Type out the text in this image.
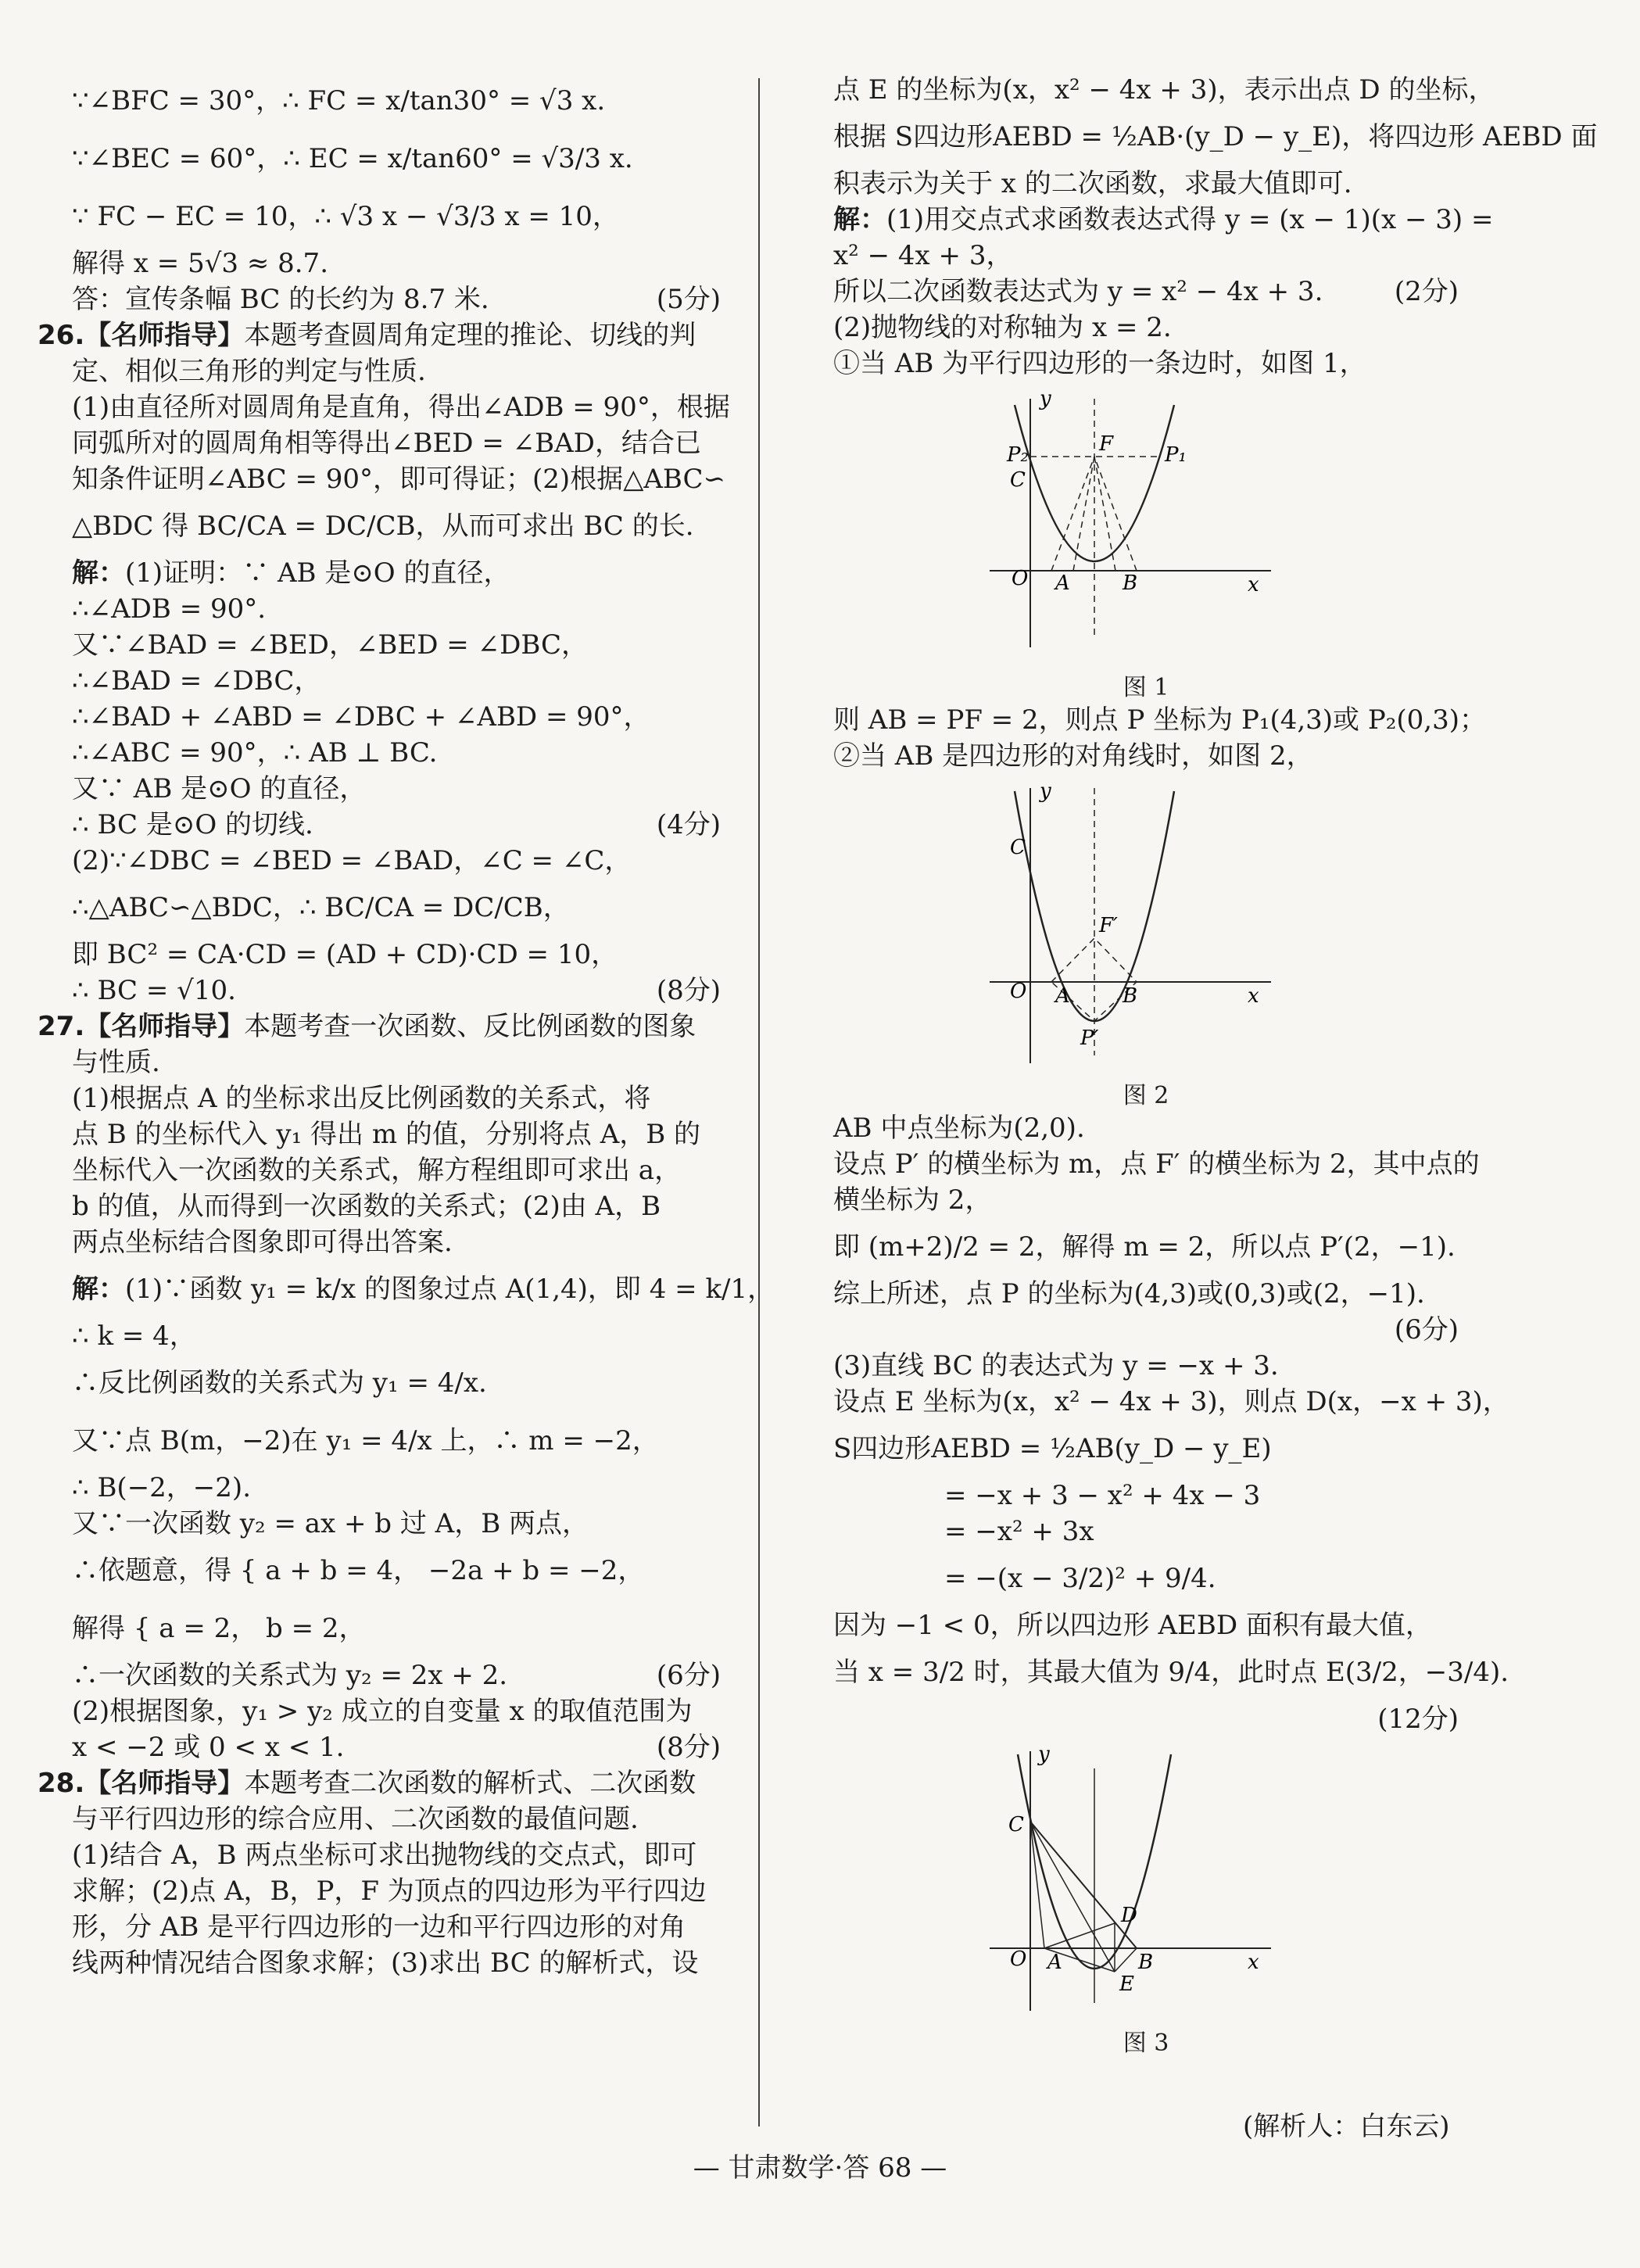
∵∠BFC = 30°，∴ FC = x/tan30° = √3 x.
∵∠BEC = 60°，∴ EC = x/tan60° = √3/3 x.
∵ FC − EC = 10，∴ √3 x − √3/3 x = 10，
解得 x = 5√3 ≈ 8.7.
答：宣传条幅 BC 的长约为 8.7 米.	(5分)
26.【名师指导】本题考查圆周角定理的推论、切线的判
定、相似三角形的判定与性质.
(1)由直径所对圆周角是直角，得出∠ADB = 90°，根据
同弧所对的圆周角相等得出∠BED = ∠BAD，结合已
知条件证明∠ABC = 90°，即可得证；(2)根据△ABC∽
△BDC 得 BC/CA = DC/CB，从而可求出 BC 的长.
解：(1)证明：∵ AB 是⊙O 的直径，
∴∠ADB = 90°.
又∵∠BAD = ∠BED，∠BED = ∠DBC，
∴∠BAD = ∠DBC，
∴∠BAD + ∠ABD = ∠DBC + ∠ABD = 90°，
∴∠ABC = 90°，∴ AB ⊥ BC.
又∵ AB 是⊙O 的直径，
∴ BC 是⊙O 的切线.	(4分)
(2)∵∠DBC = ∠BED = ∠BAD，∠C = ∠C，
∴△ABC∽△BDC，∴ BC/CA = DC/CB，
即 BC² = CA·CD = (AD + CD)·CD = 10，
∴ BC = √10.	(8分)
27.【名师指导】本题考查一次函数、反比例函数的图象
与性质.
(1)根据点 A 的坐标求出反比例函数的关系式，将
点 B 的坐标代入 y₁ 得出 m 的值，分别将点 A，B 的
坐标代入一次函数的关系式，解方程组即可求出 a，
b 的值，从而得到一次函数的关系式；(2)由 A，B
两点坐标结合图象即可得出答案.
解：(1)∵函数 y₁ = k/x 的图象过点 A(1,4)，即 4 = k/1，
∴ k = 4，
∴反比例函数的关系式为 y₁ = 4/x.
又∵点 B(m，−2)在 y₁ = 4/x 上，∴ m = −2，
∴ B(−2，−2).
又∵一次函数 y₂ = ax + b 过 A，B 两点，
∴依题意，得 { a + b = 4， −2a + b = −2，
解得 { a = 2， b = 2，
∴一次函数的关系式为 y₂ = 2x + 2.	(6分)
(2)根据图象，y₁ > y₂ 成立的自变量 x 的取值范围为
x < −2 或 0 < x < 1.	(8分)
28.【名师指导】本题考查二次函数的解析式、二次函数
与平行四边形的综合应用、二次函数的最值问题.
(1)结合 A，B 两点坐标可求出抛物线的交点式，即可
求解；(2)点 A，B，P，F 为顶点的四边形为平行四边
形，分 AB 是平行四边形的一边和平行四边形的对角
线两种情况结合图象求解；(3)求出 BC 的解析式，设
点 E 的坐标为(x，x² − 4x + 3)，表示出点 D 的坐标，
根据 S四边形AEBD = ½AB·(y_D − y_E)，将四边形 AEBD 面
积表示为关于 x 的二次函数，求最大值即可.
解：(1)用交点式求函数表达式得 y = (x − 1)(x − 3) =
x² − 4x + 3，
所以二次函数表达式为 y = x² − 4x + 3.	(2分)
(2)抛物线的对称轴为 x = 2.
①当 AB 为平行四边形的一条边时，如图 1，
y
O A	B	x
C
F
P₂	P₁
图 1
则 AB = PF = 2，则点 P 坐标为 P₁(4,3)或 P₂(0,3)；
②当 AB 是四边形的对角线时，如图 2，
y
O A	B	x
C
F′
P′
图 2
AB 中点坐标为(2,0).
设点 P′ 的横坐标为 m，点 F′ 的横坐标为 2，其中点的
横坐标为 2，
即 (m+2)/2 = 2，解得 m = 2，所以点 P′(2，−1).
综上所述，点 P 的坐标为(4,3)或(0,3)或(2，−1).
(6分)
(3)直线 BC 的表达式为 y = −x + 3.
设点 E 坐标为(x，x² − 4x + 3)，则点 D(x，−x + 3)，
S四边形AEBD = ½AB(y_D − y_E)
= −x + 3 − x² + 4x − 3
= −x² + 3x
= −(x − 3/2)² + 9/4.
因为 −1 < 0，所以四边形 AEBD 面积有最大值，
当 x = 3/2 时，其最大值为 9/4，此时点 E(3/2，−3/4).
(12分)
y
O A	B	x
C
D
E
图 3
(解析人：白东云)
— 甘肃数学·答 68 —
